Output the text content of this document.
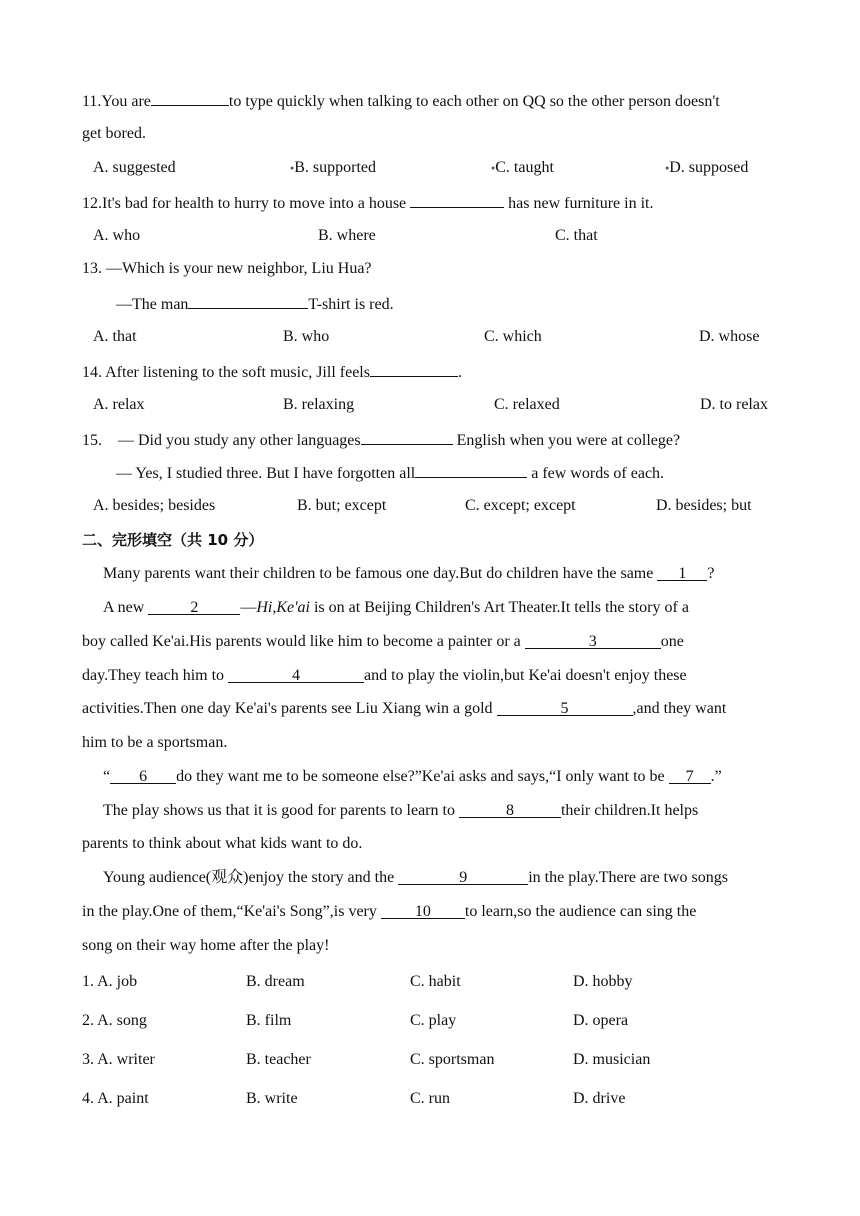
11.You are	to type quickly when talking to each other on QQ so the other person doesn't
get bored.
A. suggested	●B. supported	●C. taught	●D. supposed
12.It's bad for health to hurry to move into a house	has new furniture in it.
A. who	B. where	C. that
13. —Which is your new neighbor, Liu Hua?
—The man	T-shirt is red.
A. that	B. who	C. which	D. whose
14. After listening to the soft music, Jill feels	.
A. relax	B. relaxing	C. relaxed	D. to relax
15.    — Did you study any other languages	English when you were at college?
— Yes, I studied three. But I have forgotten all	a few words of each.
A. besides; besides	B. but; except	C. except; except	D. besides; but
二、完形填空（共 10 分）
Many parents want their children to be famous one day.But do children have the same 1 ?
A new	2	—Hi,Ke'ai is on at Beijing Children's Art Theater.It tells the story of a
boy called Ke'ai.His parents would like him to become a painter or a	3	one
day.They teach him to	4	and to play the violin,but Ke'ai doesn't enjoy these
activities.Then one day Ke'ai's parents see Liu Xiang win a gold	5	,and they want
him to be a sportsman.
“ 6 do they want me to be someone else?”Ke'ai asks and says,“I only want to be 7 .”
The play shows us that it is good for parents to learn to	8	their children.It helps
parents to think about what kids want to do.
Young audience(观众)enjoy the story and the	9	in the play.There are two songs
in the play.One of them,“Ke'ai's Song”,is very 10 to learn,so the audience can sing the
song on their way home after the play!
1. A. job	B. dream	C. habit	D. hobby
2. A. song	B. film	C. play	D. opera
3. A. writer	B. teacher	C. sportsman	D. musician
4. A. paint	B. write	C. run	D. drive
